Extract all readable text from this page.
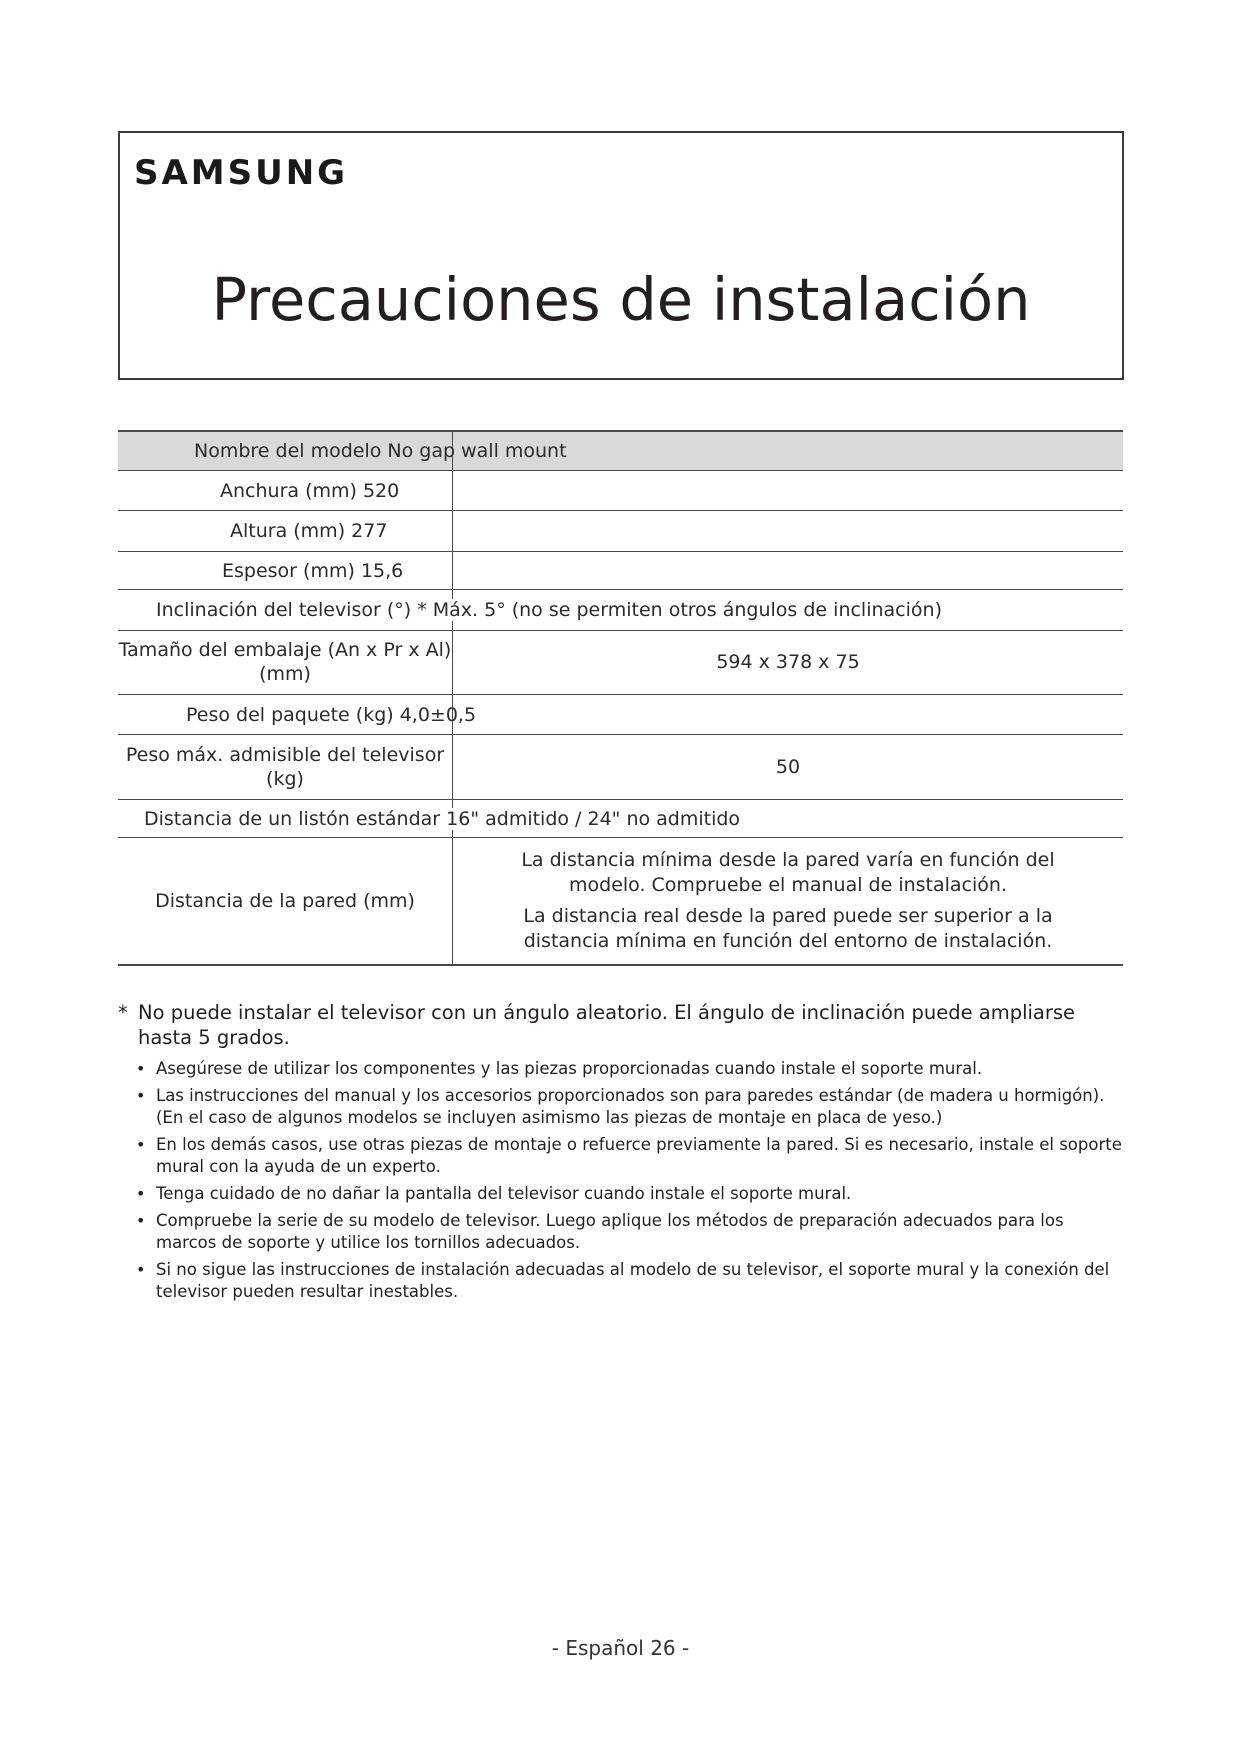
SAMSUNG
Precauciones de instalación
Nombre del modelo No gap wall mount	

Anchura (mm) 520	

Altura (mm) 277	

Espesor (mm) 15,6	

Inclinación del televisor (°) * Máx. 5° (no se permiten otros ángulos de inclinación)	

Tamaño del embalaje (An x Pr x Al) (mm)	594 x 378 x 75

Peso del paquete (kg) 4,0±0,5	

Peso máx. admisible del televisor (kg)	50

Distancia de un listón estándar 16" admitido / 24" no admitido	

Distancia de la pared (mm)	La distancia mínima desde la pared varía en función del modelo. Compruebe el manual de instalación.
La distancia real desde la pared puede ser superior a la distancia mínima en función del entorno de instalación.
* No puede instalar el televisor con un ángulo aleatorio. El ángulo de inclinación puede ampliarse hasta 5 grados.
• Asegúrese de utilizar los componentes y las piezas proporcionadas cuando instale el soporte mural.
• Las instrucciones del manual y los accesorios proporcionados son para paredes estándar (de madera u hormigón). (En el caso de algunos modelos se incluyen asimismo las piezas de montaje en placa de yeso.)
• En los demás casos, use otras piezas de montaje o refuerce previamente la pared. Si es necesario, instale el soporte mural con la ayuda de un experto.
• Tenga cuidado de no dañar la pantalla del televisor cuando instale el soporte mural.
• Compruebe la serie de su modelo de televisor. Luego aplique los métodos de preparación adecuados para los marcos de soporte y utilice los tornillos adecuados.
• Si no sigue las instrucciones de instalación adecuadas al modelo de su televisor, el soporte mural y la conexión del televisor pueden resultar inestables.
- Español 26 -
